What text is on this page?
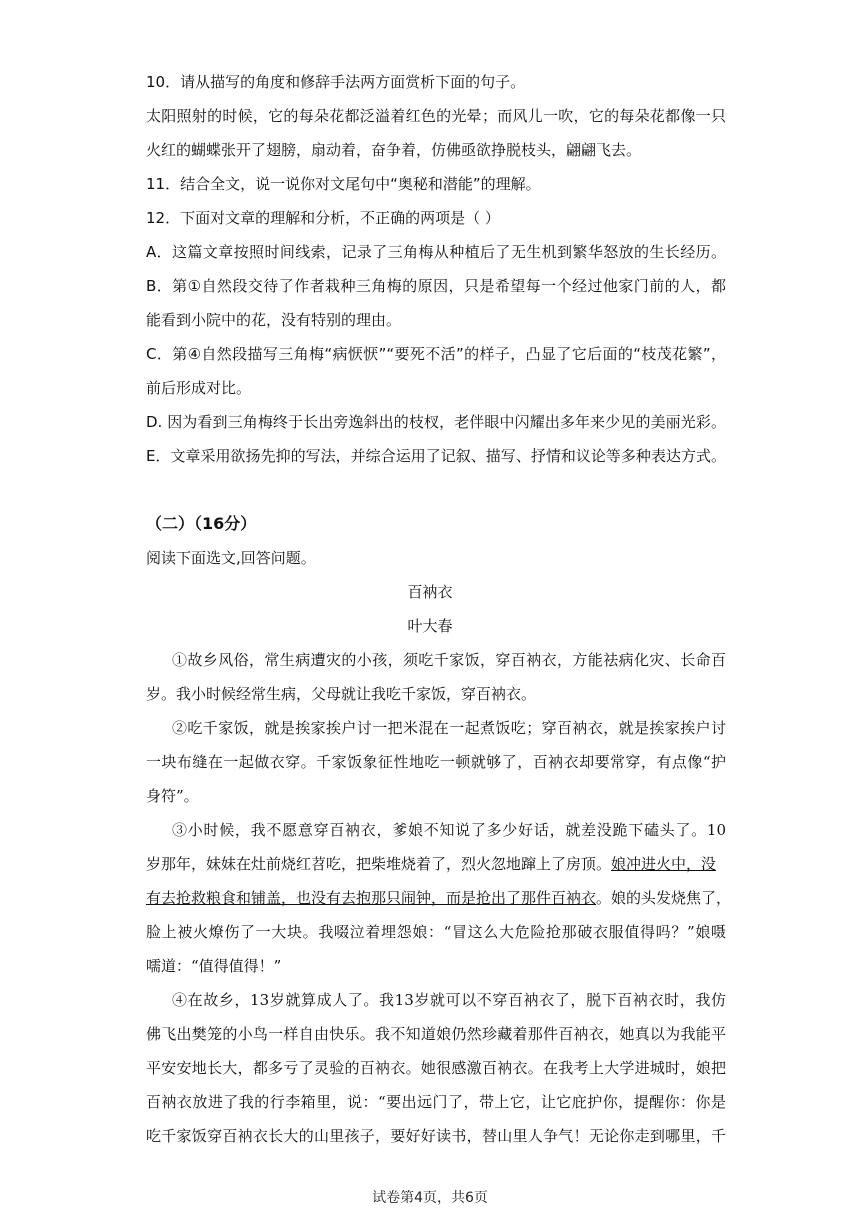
10．请从描写的角度和修辞手法两方面赏析下面的句子。
太阳照射的时候，它的每朵花都泛溢着红色的光晕；而风儿一吹，它的每朵花都像一只
火红的蝴蝶张开了翅膀，扇动着，奋争着，仿佛亟欲挣脱枝头，翩翩飞去。
11．结合全文，说一说你对文尾句中“奥秘和潜能”的理解。
12．下面对文章的理解和分析，不正确的两项是（ ）
A．这篇文章按照时间线索，记录了三角梅从种植后了无生机到繁华怒放的生长经历。
B．第①自然段交待了作者栽种三角梅的原因，只是希望每一个经过他家门前的人，都
能看到小院中的花，没有特别的理由。
C．第④自然段描写三角梅“病恹恹”“要死不活”的样子，凸显了它后面的“枝茂花繁”，
前后形成对比。
D. 因为看到三角梅终于长出旁逸斜出的枝杈，老伴眼中闪耀出多年来少见的美丽光彩。
E．文章采用欲扬先抑的写法，并综合运用了记叙、描写、抒情和议论等多种表达方式。
（二）（16分）
阅读下面选文,回答问题。
百衲衣
叶大春
①故乡风俗，常生病遭灾的小孩，须吃千家饭，穿百衲衣，方能祛病化灾、长命百
岁。我小时候经常生病，父母就让我吃千家饭，穿百衲衣。
②吃千家饭，就是挨家挨户讨一把米混在一起煮饭吃；穿百衲衣，就是挨家挨户讨
一块布缝在一起做衣穿。千家饭象征性地吃一顿就够了，百衲衣却要常穿，有点像“护
身符”。
③小时候，我不愿意穿百衲衣，爹娘不知说了多少好话，就差没跪下磕头了。10
岁那年，妹妹在灶前烧红苕吃，把柴堆烧着了，烈火忽地蹿上了房顶。娘冲进火中，没
有去抢救粮食和铺盖，也没有去抱那只闹钟，而是抢出了那件百衲衣。娘的头发烧焦了，
脸上被火燎伤了一大块。我啜泣着埋怨娘：“冒这么大危险抢那破衣服值得吗？”娘嗫
嚅道：“值得值得！”
④在故乡，13岁就算成人了。我13岁就可以不穿百衲衣了，脱下百衲衣时，我仿
佛飞出樊笼的小鸟一样自由快乐。我不知道娘仍然珍藏着那件百衲衣，她真以为我能平
平安安地长大，都多亏了灵验的百衲衣。她很感激百衲衣。在我考上大学进城时，娘把
百衲衣放进了我的行李箱里，说：“要出远门了，带上它，让它庇护你，提醒你：你是
吃千家饭穿百衲衣长大的山里孩子，要好好读书，替山里人争气！无论你走到哪里，千
试卷第4页，共6页
